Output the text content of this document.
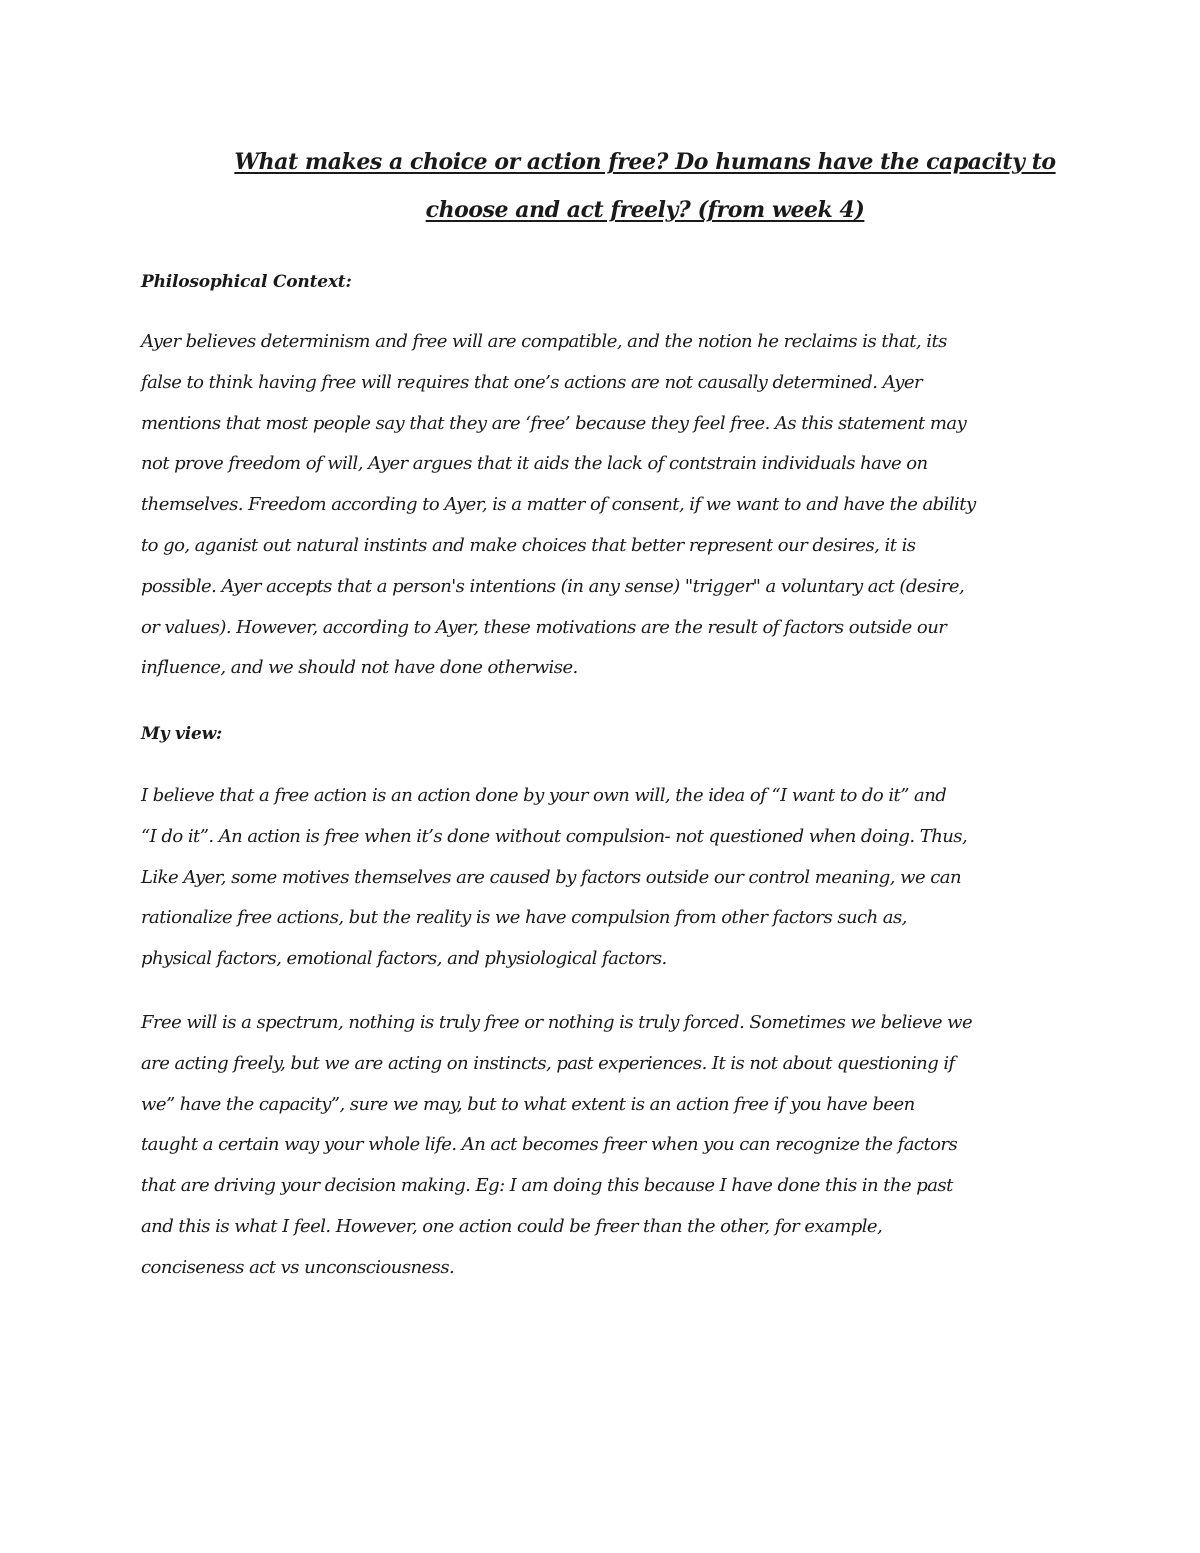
What makes a choice or action free? Do humans have the capacity to
choose and act freely? (from week 4)
Philosophical Context:

Ayer believes determinism and free will are compatible, and the notion he reclaims is that, its
false to think having free will requires that one’s actions are not causally determined. Ayer
mentions that most people say that they are ‘free’ because they feel free. As this statement may
not prove freedom of will, Ayer argues that it aids the lack of contstrain individuals have on
themselves. Freedom according to Ayer, is a matter of consent, if we want to and have the ability
to go, aganist out natural instints and make choices that better represent our desires, it is
possible. Ayer accepts that a person's intentions (in any sense) "trigger" a voluntary act (desire,
or values). However, according to Ayer, these motivations are the result of factors outside our
influence, and we should not have done otherwise.

My view:

I believe that a free action is an action done by your own will, the idea of “I want to do it” and
“I do it”. An action is free when it’s done without compulsion- not questioned when doing. Thus,
Like Ayer, some motives themselves are caused by factors outside our control meaning, we can
rationalize free actions, but the reality is we have compulsion from other factors such as,
physical factors, emotional factors, and physiological factors.

Free will is a spectrum, nothing is truly free or nothing is truly forced. Sometimes we believe we
are acting freely, but we are acting on instincts, past experiences. It is not about questioning if
we” have the capacity”, sure we may, but to what extent is an action free if you have been
taught a certain way your whole life. An act becomes freer when you can recognize the factors
that are driving your decision making. Eg: I am doing this because I have done this in the past
and this is what I feel. However, one action could be freer than the other, for example,
conciseness act vs unconsciousness.
